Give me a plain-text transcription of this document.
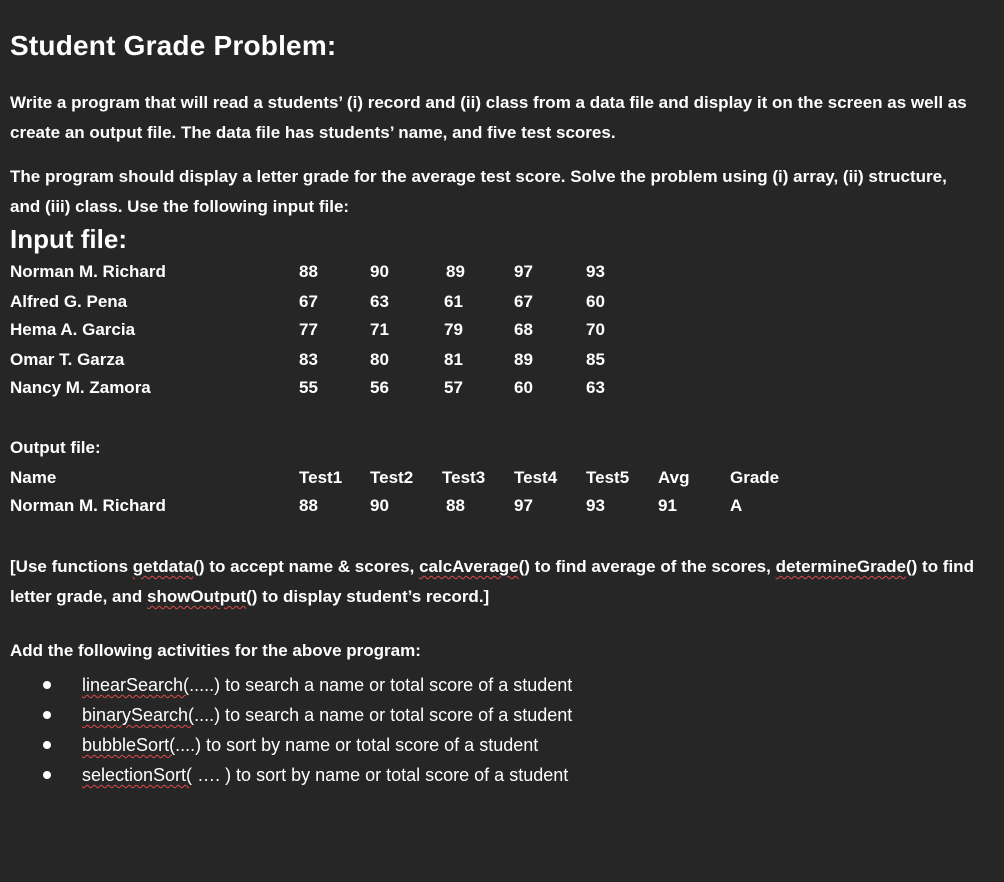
Student Grade Problem:
Write a program that will read a students’ (i) record and (ii) class from a data file and display it on the screen as well as create an output file. The data file has students’ name, and five test scores.
The program should display a letter grade for the average test score. Solve the problem using (i) array, (ii) structure, and (iii) class. Use the following input file:
Input file:
Norman M. Richard	88	90	89	97	93
Alfred G. Pena	67	63	61	67	60
Hema A. Garcia	77	71	79	68	70
Omar T. Garza	83	80	81	89	85
Nancy M. Zamora	55	56	57	60	63
Output file:
Name	Test1 Test2 Test3 Test4 Test5 Avg Grade
Norman M. Richard	88	90	88	97	93	91	A
[Use functions getdata() to accept name & scores, calcAverage() to find average of the scores, determineGrade() to find letter grade, and showOutput() to display student’s record.]
Add the following activities for the above program:
linearSearch(.....) to search a name or total score of a student
binarySearch(....) to search a name or total score of a student
bubbleSort(....) to sort by name or total score of a student
selectionSort( …. ) to sort by name or total score of a student
